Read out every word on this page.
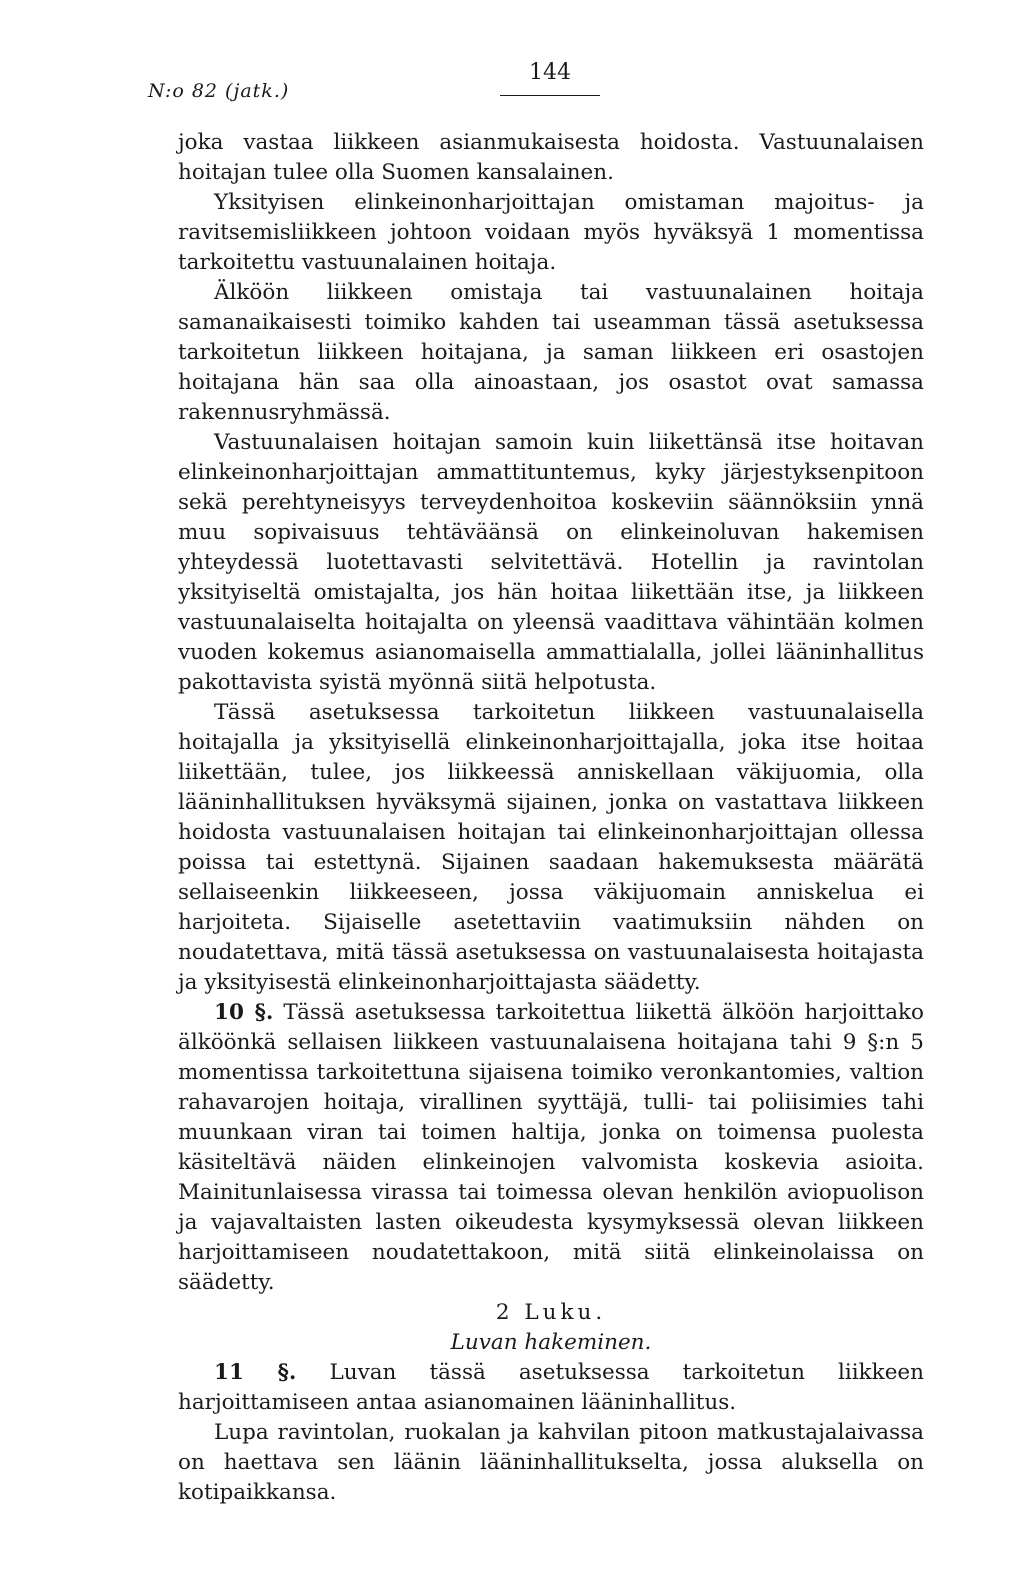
N:o 82 (jatk.)
144

joka vastaa liikkeen asianmukaisesta hoidosta. Vastuunalaisen hoitajan tulee olla Suomen kansalainen.

Yksityisen elinkeinonharjoittajan omistaman majoitus- ja ravitsemisliikkeen johtoon voidaan myös hyväksyä 1 momentissa tarkoitettu vastuunalainen hoitaja.

Älköön liikkeen omistaja tai vastuunalainen hoitaja samanaikaisesti toimiko kahden tai useamman tässä asetuksessa tarkoitetun liikkeen hoitajana, ja saman liikkeen eri osastojen hoitajana hän saa olla ainoastaan, jos osastot ovat samassa rakennusryhmässä.

Vastuunalaisen hoitajan samoin kuin liikettänsä itse hoitavan elinkeinonharjoittajan ammattituntemus, kyky järjestyksenpitoon sekä perehtyneisyys terveydenhoitoa koskeviin säännöksiin ynnä muu sopivaisuus tehtäväänsä on elinkeinoluvan hakemisen yhteydessä luotettavasti selvitettävä. Hotellin ja ravintolan yksityiseltä omistajalta, jos hän hoitaa liikettään itse, ja liikkeen vastuunalaiselta hoitajalta on yleensä vaadittava vähintään kolmen vuoden kokemus asianomaisella ammattialalla, jollei lääninhallitus pakottavista syistä myönnä siitä helpotusta.

Tässä asetuksessa tarkoitetun liikkeen vastuunalaisella hoitajalla ja yksityisellä elinkeinonharjoittajalla, joka itse hoitaa liikettään, tulee, jos liikkeessä anniskellaan väkijuomia, olla lääninhallituksen hyväksymä sijainen, jonka on vastattava liikkeen hoidosta vastuunalaisen hoitajan tai elinkeinonharjoittajan ollessa poissa tai estettynä. Sijainen saadaan hakemuksesta määrätä sellaiseenkin liikkeeseen, jossa väkijuomain anniskelua ei harjoiteta. Sijaiselle asetettaviin vaatimuksiin nähden on noudatettava, mitä tässä asetuksessa on vastuunalaisesta hoitajasta ja yksityisestä elinkeinonharjoittajasta säädetty.

10 §. Tässä asetuksessa tarkoitettua liikettä älköön harjoittako älköönkä sellaisen liikkeen vastuunalaisena hoitajana tahi 9 §:n 5 momentissa tarkoitettuna sijaisena toimiko veronkantomies, valtion rahavarojen hoitaja, virallinen syyttäjä, tulli- tai poliisimies tahi muunkaan viran tai toimen haltija, jonka on toimensa puolesta käsiteltävä näiden elinkeinojen valvomista koskevia asioita. Mainitunlaisessa virassa tai toimessa olevan henkilön aviopuolison ja vajavaltaisten lasten oikeudesta kysymyksessä olevan liikkeen harjoittamiseen noudatettakoon, mitä siitä elinkeinolaissa on säädetty.

2 Luku.

Luvan hakeminen.

11 §. Luvan tässä asetuksessa tarkoitetun liikkeen harjoittamiseen antaa asianomainen lääninhallitus.

Lupa ravintolan, ruokalan ja kahvilan pitoon matkustajalaivassa on haettava sen läänin lääninhallitukselta, jossa aluksella on kotipaikkansa.
